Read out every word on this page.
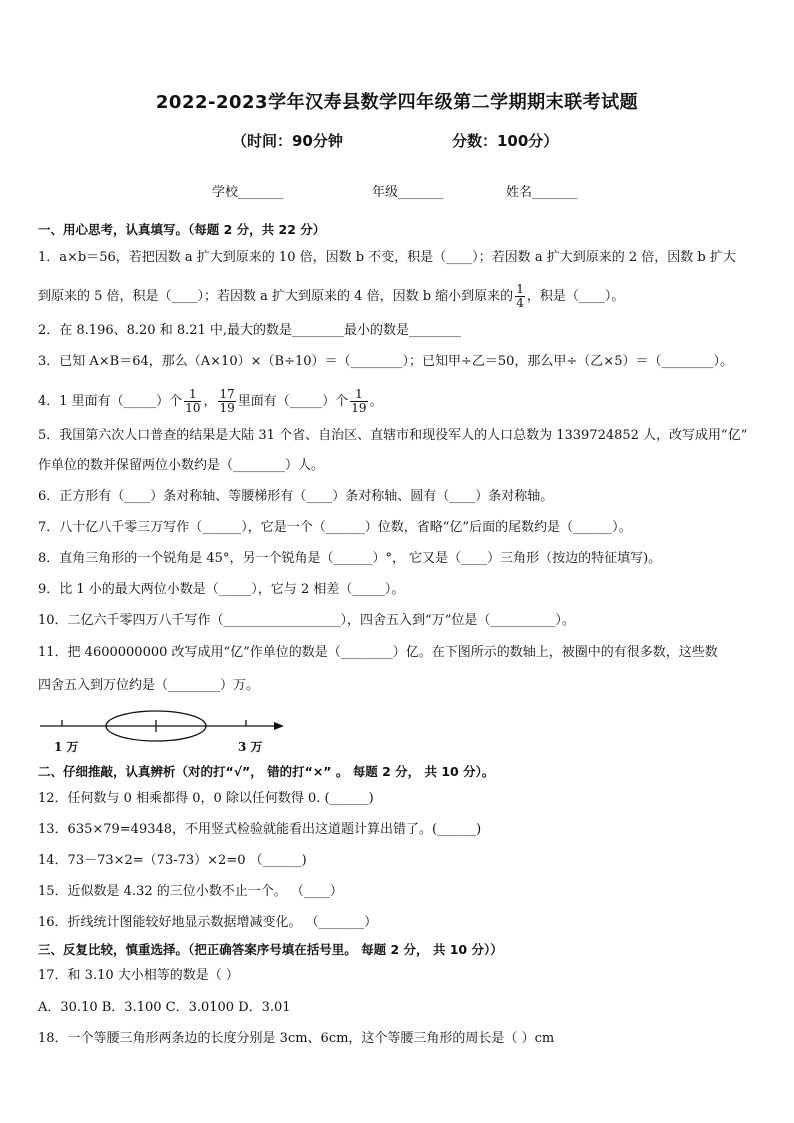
2022-2023学年汉寿县数学四年级第二学期期末联考试题
（时间：90分钟	分数：100分）
学校_______	年级_______	姓名_______
一、用心思考，认真填写。（每题 2 分，共 22 分）
1．a×b＝56，若把因数 a 扩大到原来的 10 倍，因数 b 不变，积是（____）；若因数 a 扩大到原来的 2 倍，因数 b 扩大
到原来的 5 倍，积是（____）；若因数 a 扩大到原来的 4 倍，因数 b 缩小到原来的 $\frac{1}{4}$ ，积是（____）。
2．在 8.196、8.20 和 8.21 中,最大的数是________最小的数是________
3．已知 A×B＝64，那么（A×10）×（B÷10）＝（________）；已知甲÷乙＝50，那么甲÷（乙×5）＝（________）。
4．1 里面有（_____）个 $\frac{1}{10}$ ， $\frac{17}{19}$ 里面有（_____）个 $\frac{1}{19}$ 。
5．我国第六次人口普查的结果是大陆 31 个省、自治区、直辖市和现役军人的人口总数为 1339724852 人，改写成用“亿”
作单位的数并保留两位小数约是（________）人。
6．正方形有（____）条对称轴、等腰梯形有（____）条对称轴、圆有（____）条对称轴。
7．八十亿八千零三万写作（______），它是一个（______）位数，省略“亿”后面的尾数约是（______）。
8．直角三角形的一个锐角是 45°，另一个锐角是（______）°， 它又是（____）三角形（按边的特征填写)。
9．比 1 小的最大两位小数是（_____），它与 2 相差（_____）。
10．二亿六千零四万八千写作（__________________），四舍五入到“万”位是（__________）。
11．把 4600000000 改写成用“亿”作单位的数是（________）亿。在下图所示的数轴上，被圈中的有很多数，这些数
四舍五入到万位约是（________）万。
1 万	3 万
二、仔细推敲，认真辨析（对的打“√”， 错的打“×” 。 每题 2 分， 共 10 分）。
12．任何数与 0 相乘都得 0，0 除以任何数得 0. (______)
13．635×79=49348，不用竖式检验就能看出这道题计算出错了。(______)
14．73－73×2=（73-73）×2=0 （______)
15．近似数是 4.32 的三位小数不止一个。 （____）
16．折线统计图能较好地显示数据增减变化。 （_______）
三、反复比较，慎重选择。（把正确答案序号填在括号里。 每题 2 分， 共 10 分））
17．和 3.10 大小相等的数是（ ）
A．30.10 B．3.100 C．3.0100 D．3.01
18．一个等腰三角形两条边的长度分别是 3cm、6cm，这个等腰三角形的周长是（ ）cm
